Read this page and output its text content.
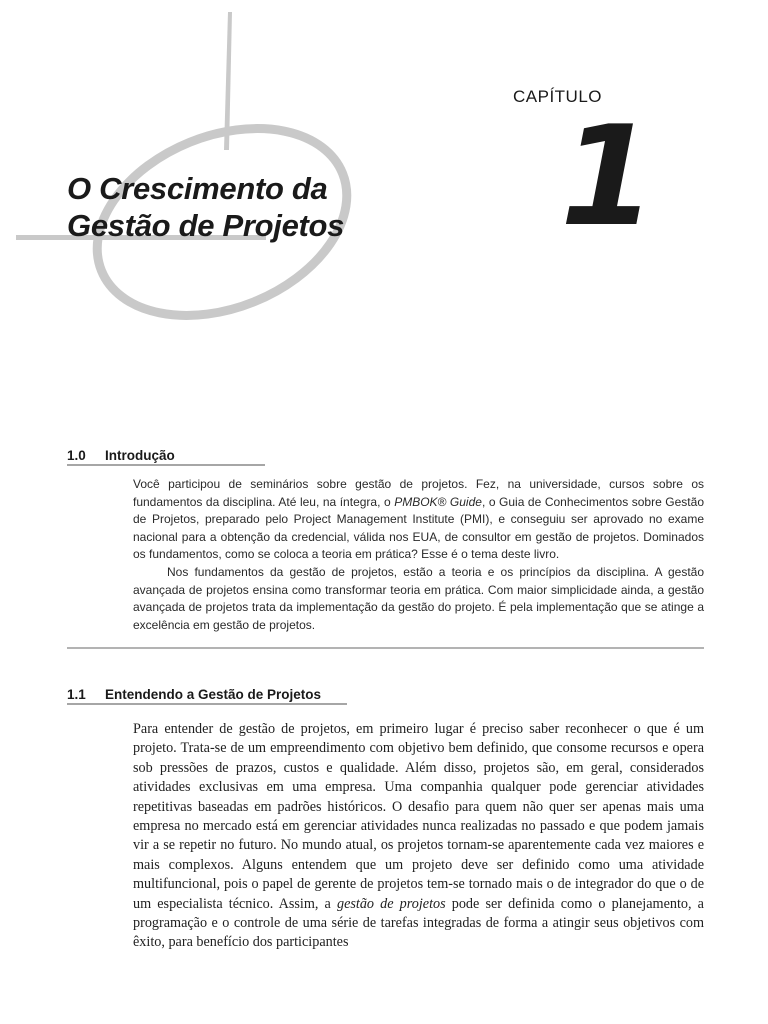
CAPÍTULO
1
O Crescimento da
Gestão de Projetos
1.0 Introdução

Você participou de seminários sobre gestão de projetos. Fez, na universidade, cursos sobre os fundamentos da disciplina. Até leu, na íntegra, o PMBOK® Guide, o Guia de Conhecimentos sobre Gestão de Projetos, preparado pelo Project Management Institute (PMI), e conseguiu ser aprovado no exame nacional para a obtenção da credencial, válida nos EUA, de consultor em gestão de projetos. Dominados os fundamentos, como se coloca a teoria em prática? Esse é o tema deste livro.

Nos fundamentos da gestão de projetos, estão a teoria e os princípios da disciplina. A gestão avançada de projetos ensina como transformar teoria em prática. Com maior simplicidade ainda, a gestão avançada de projetos trata da implementação da gestão do projeto. É pela implementação que se atinge a excelência em gestão de projetos.

1.1 Entendendo a Gestão de Projetos
Para entender de gestão de projetos, em primeiro lugar é preciso saber reconhecer o que é um projeto. Trata-se de um empreendimento com objetivo bem definido, que consome recursos e opera sob pressões de prazos, custos e qualidade. Além disso, projetos são, em geral, considerados atividades exclusivas em uma empresa. Uma companhia qualquer pode gerenciar atividades repetitivas baseadas em padrões históricos. O desafio para quem não quer ser apenas mais uma empresa no mercado está em gerenciar atividades nunca realizadas no passado e que podem jamais vir a se repetir no futuro. No mundo atual, os projetos tornam-se aparentemente cada vez maiores e mais complexos. Alguns entendem que um projeto deve ser definido como uma atividade multifuncional, pois o papel de gerente de projetos tem-se tornado mais o de integrador do que o de um especialista técnico. Assim, a gestão de projetos pode ser definida como o planejamento, a programação e o controle de uma série de tarefas integradas de forma a atingir seus objetivos com êxito, para benefício dos participantes
